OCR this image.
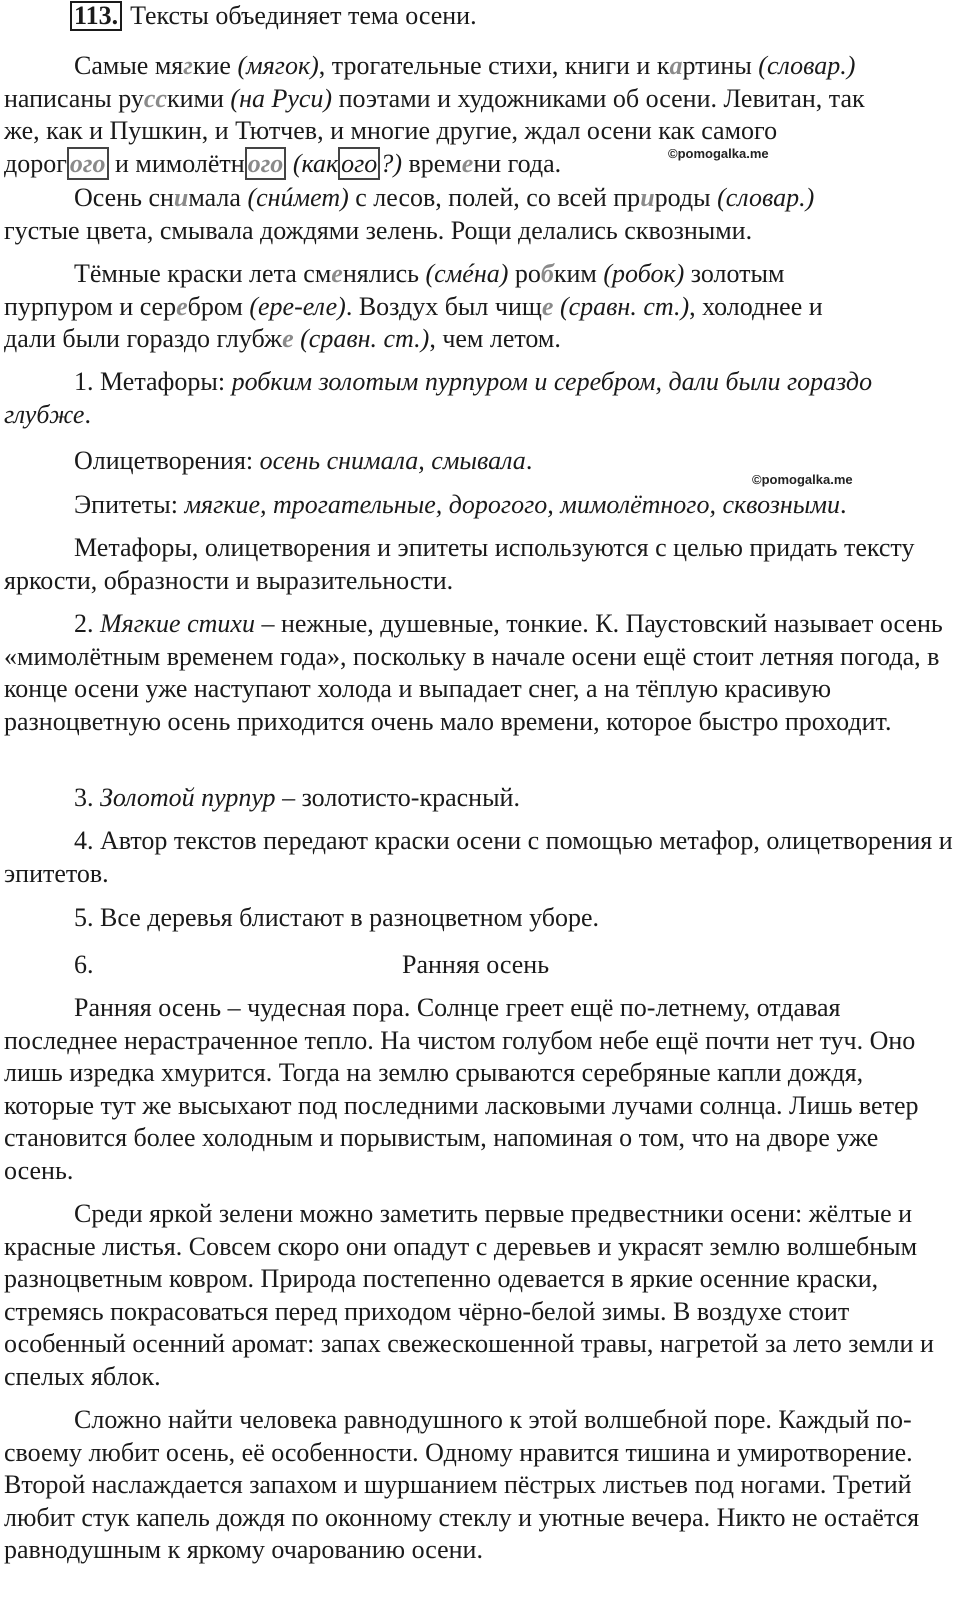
113. Тексты объединяет тема осени.

Самые мягкие (мягок), трогательные стихи, книги и картины (словар.)

написаны русскими (на Руси) поэтами и художниками об осени. Левитан, так

же, как и Пушкин, и Тютчев, и многие другие, ждал осени как самого

дорог ого и мимолётн ого (как ого ?) времени года.	©pomogalka.me

Осень снимала (снúмет) с лесов, полей, со всей природы (словар.)

густые цвета, смывала дождями зелень. Рощи делались сквозными.

Тёмные краски лета сменялись (смéна) робким (робок) золотым

пурпуром и серебром (ере-еле). Воздух был чище (сравн. ст.), холоднее и

дали были гораздо глубже (сравн. ст.), чем летом.

1. Метафоры: робким золотым пурпуром и серебром, дали были гораздо глубже.

Олицетворения: осень снимала, смывала.

©pomogalka.me

Эпитеты: мягкие, трогательные, дорогого, мимолётного, сквозными.

Метафоры, олицетворения и эпитеты используются с целью придать тексту яркости, образности и выразительности.

2. Мягкие стихи – нежные, душевные, тонкие. К. Паустовский называет осень «мимолётным временем года», поскольку в начале осени ещё стоит летняя погода, в конце осени уже наступают холода и выпадает снег, а на тёплую красивую разноцветную осень приходится очень мало времени, которое быстро проходит.

3. Золотой пурпур – золотисто-красный.

4. Автор текстов передают краски осени с помощью метафор, олицетворения и эпитетов.

5. Все деревья блистают в разноцветном уборе.

6.	Ранняя осень

Ранняя осень – чудесная пора. Солнце греет ещё по-летнему, отдавая последнее нерастраченное тепло. На чистом голубом небе ещё почти нет туч. Оно лишь изредка хмурится. Тогда на землю срываются серебряные капли дождя, которые тут же высыхают под последними ласковыми лучами солнца. Лишь ветер становится более холодным и порывистым, напоминая о том, что на дворе уже осень.

Среди яркой зелени можно заметить первые предвестники осени: жёлтые и красные листья. Совсем скоро они опадут с деревьев и украсят землю волшебным разноцветным ковром. Природа постепенно одевается в яркие осенние краски, стремясь покрасоваться перед приходом чёрно-белой зимы. В воздухе стоит особенный осенний аромат: запах свежескошенной травы, нагретой за лето земли и спелых яблок.

Сложно найти человека равнодушного к этой волшебной поре. Каждый по-своему любит осень, её особенности. Одному нравится тишина и умиротворение. Второй наслаждается запахом и шуршанием пёстрых листьев под ногами. Третий любит стук капель дождя по оконному стеклу и уютные вечера. Никто не остаётся равнодушным к яркому очарованию осени.
